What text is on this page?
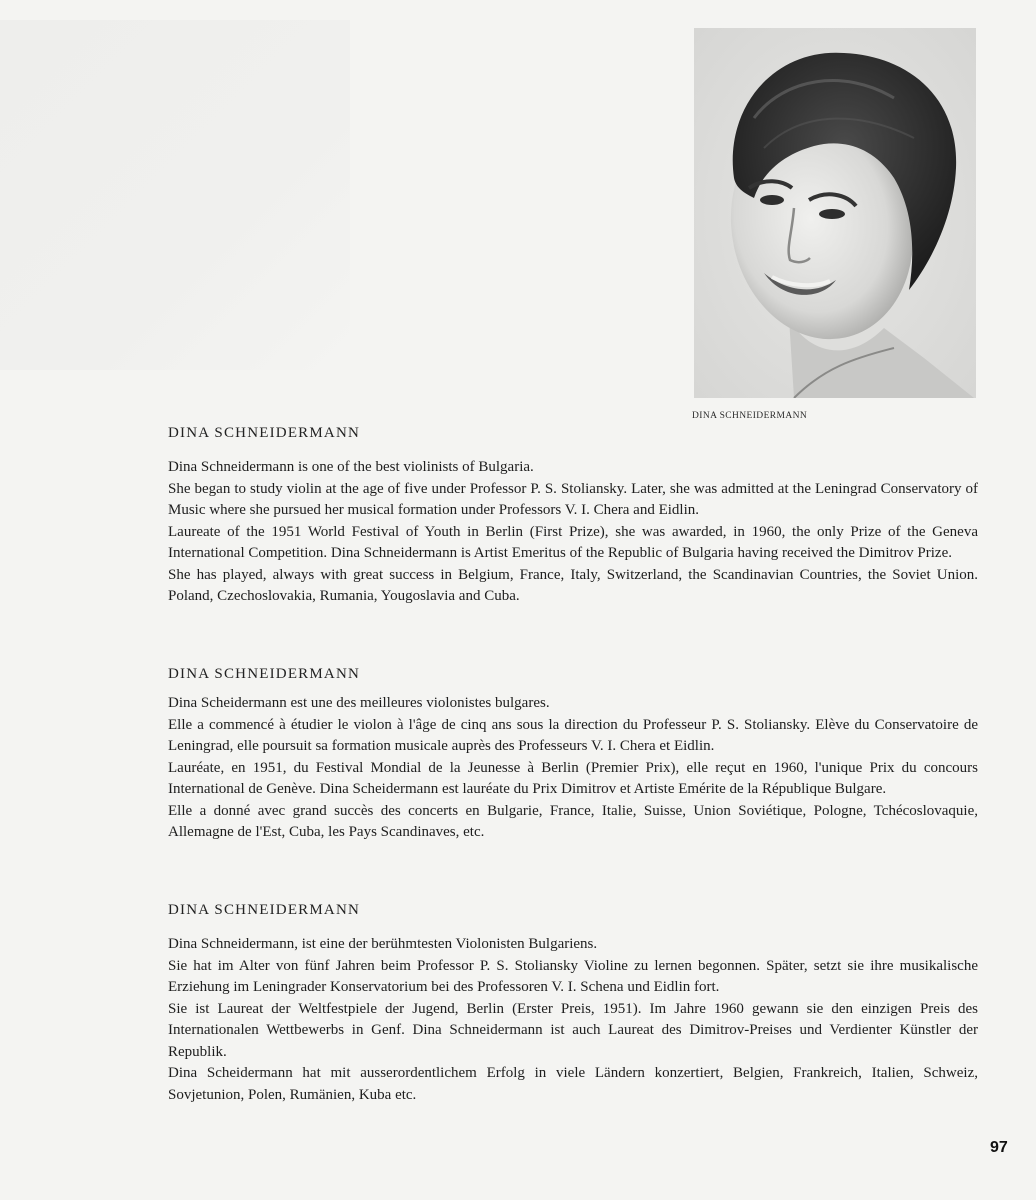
DINA SCHNEIDERMANN
DINA SCHNEIDERMANN

Dina Schneidermann is one of the best violinists of Bulgaria.

She began to study violin at the age of five under Professor P. S. Stoliansky. Later, she was admitted at the Leningrad Conservatory of Music where she pursued her musical formation under Professors V. I. Chera and Eidlin.

Laureate of the 1951 World Festival of Youth in Berlin (First Prize), she was awarded, in 1960, the only Prize of the Geneva International Competition. Dina Schneidermann is Artist Emeritus of the Republic of Bulgaria having received the Dimitrov Prize.

She has played, always with great success in Belgium, France, Italy, Switzerland, the Scandinavian Countries, the Soviet Union. Poland, Czechoslovakia, Rumania, Yougoslavia and Cuba.

DINA SCHNEIDERMANN

Dina Scheidermann est une des meilleures violonistes bulgares.

Elle a commencé à étudier le violon à l'âge de cinq ans sous la direction du Professeur P. S. Stoliansky. Elève du Conservatoire de Leningrad, elle poursuit sa formation musicale auprès des Professeurs V. I. Chera et Eidlin.

Lauréate, en 1951, du Festival Mondial de la Jeunesse à Berlin (Premier Prix), elle reçut en 1960, l'unique Prix du concours International de Genève. Dina Scheidermann est lauréate du Prix Dimitrov et Artiste Emérite de la République Bulgare.

Elle a donné avec grand succès des concerts en Bulgarie, France, Italie, Suisse, Union Soviétique, Pologne, Tchécoslovaquie, Allemagne de l'Est, Cuba, les Pays Scandinaves, etc.

DINA SCHNEIDERMANN

Dina Schneidermann, ist eine der berühmtesten Violonisten Bulgariens.

Sie hat im Alter von fünf Jahren beim Professor P. S. Stoliansky Violine zu lernen begonnen. Später, setzt sie ihre musikalische Erziehung im Leningrader Konservatorium bei des Professoren V. I. Schena und Eidlin fort.

Sie ist Laureat der Weltfestpiele der Jugend, Berlin (Erster Preis, 1951). Im Jahre 1960 gewann sie den einzigen Preis des Internationalen Wettbewerbs in Genf. Dina Schneidermann ist auch Laureat des Dimitrov-Preises und Verdienter Künstler der Republik.

Dina Scheidermann hat mit ausserordentlichem Erfolg in viele Ländern konzertiert, Belgien, Frankreich, Italien, Schweiz, Sovjetunion, Polen, Rumänien, Kuba etc.

97
